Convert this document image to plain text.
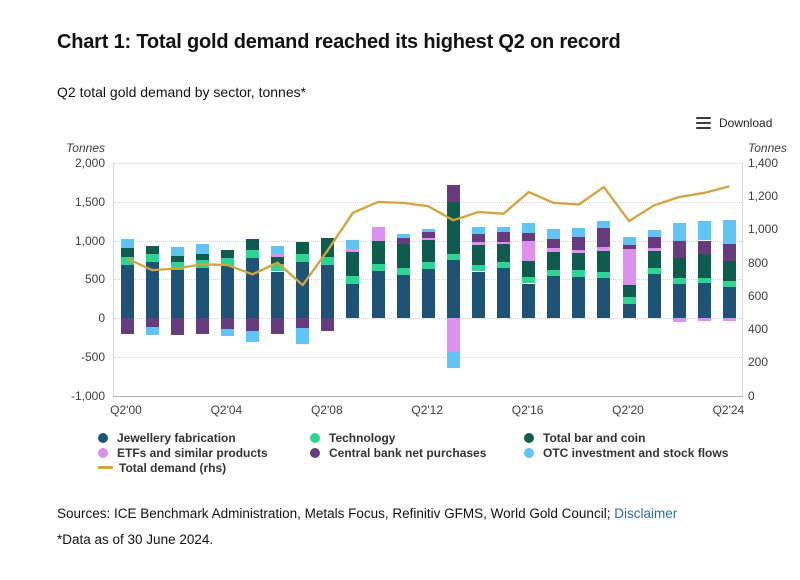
Chart 1: Total gold demand reached its highest Q2 on record
Q2 total gold demand by sector, tonnes*
Download
Tonnes	Tonnes
2,000
1,500
1,000
500
0
-500
-1,000
1,400
1,200
1,000
800
600
400
200
0
Q2'00	Q2'04	Q2'08	Q2'12	Q2'16	Q2'20	Q2'24
Jewellery fabrication
ETFs and similar products
Total demand (rhs)
Technology
Central bank net purchases
Total bar and coin
OTC investment and stock flows
Sources: ICE Benchmark Administration, Metals Focus, Refinitiv GFMS, World Gold Council; Disclaimer
*Data as of 30 June 2024.
